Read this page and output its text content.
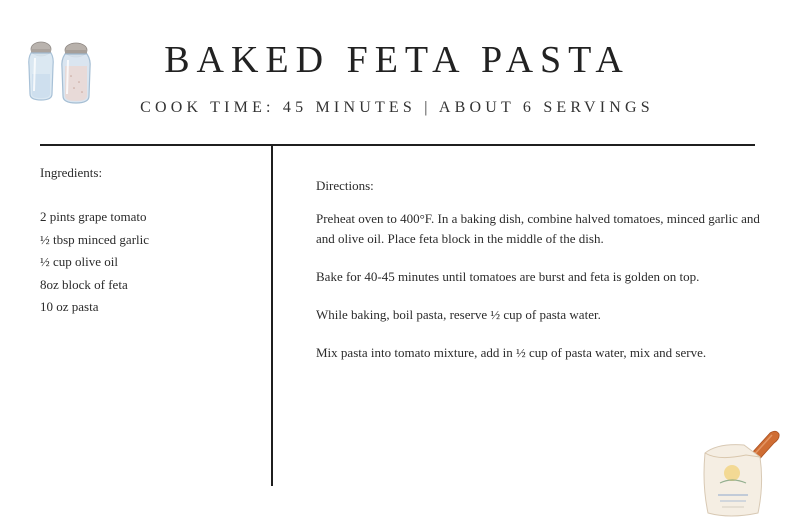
BAKED FETA PASTA
COOK TIME: 45 MINUTES | ABOUT 6 SERVINGS
Ingredients:
2 pints grape tomato
½ tbsp minced garlic
½ cup olive oil
8oz block of feta
10 oz pasta
Directions:

Preheat oven to 400°F. In a baking dish, combine halved tomatoes, minced garlic and and olive oil. Place feta block in the middle of the dish.

Bake for 40-45 minutes until tomatoes are burst and feta is golden on top.

While baking, boil pasta, reserve ½ cup of pasta water.

Mix pasta into tomato mixture, add in ½ cup of pasta water, mix and serve.
